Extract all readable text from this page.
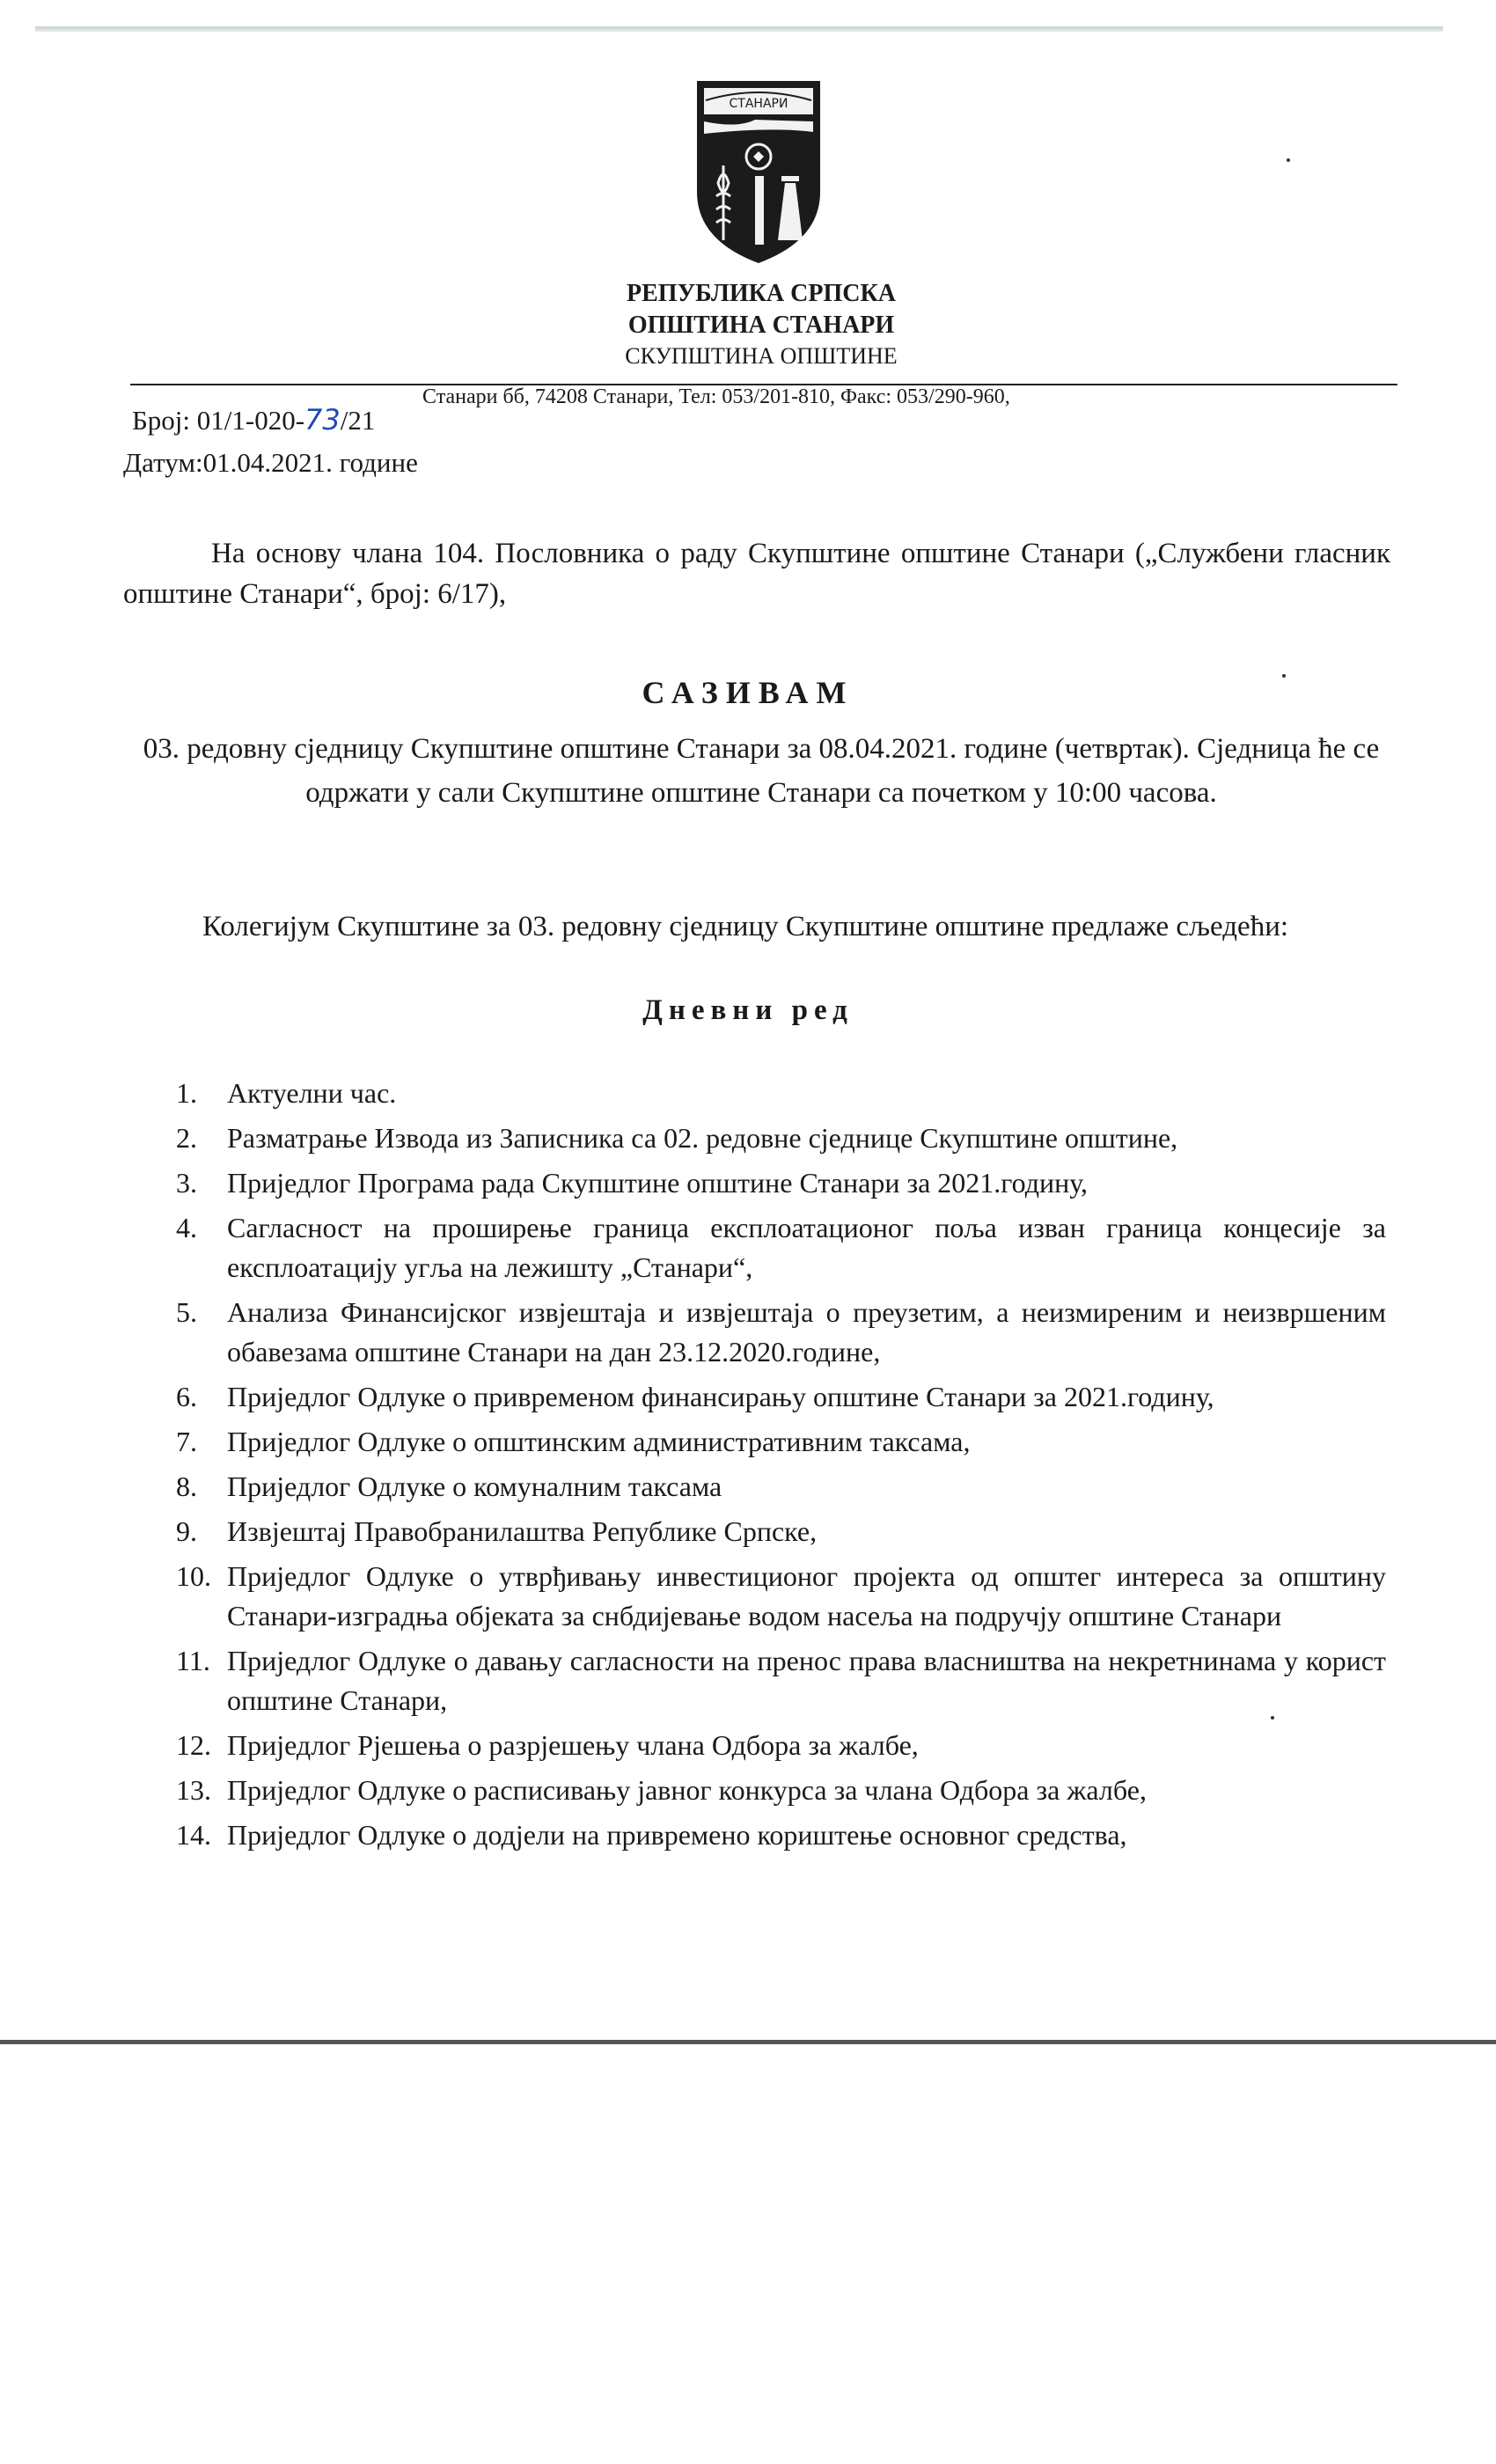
СТАНАРИ
РЕПУБЛИКА СРПСКА
ОПШТИНА СТАНАРИ
СКУПШТИНА ОПШТИНЕ
Станари бб, 74208 Станари, Тел: 053/201-810, Факс: 053/290-960,
Број: 01/1-020-73/21
Датум:01.04.2021. године
На основу члана 104. Пословника о раду Скупштине општине Станари („Службени гласник општине Станари“, број: 6/17),
САЗИВАМ
03. редовну сједницу Скупштине општине Станари за 08.04.2021. године (четвртак). Сједница ће се одржати у сали Скупштине општине Станари са почетком у 10:00 часова.
Колегијум Скупштине за 03. редовну сједницу Скупштине општине предлаже сљедећи:
Дневни ред
1.	Актуелни час.
2.	Разматрање Извода из Записника са 02. редовне сједнице Скупштине општине,
3.	Приједлог Програма рада Скупштине општине Станари за 2021.годину,
4.	Сагласност на проширење граница експлоатационог поља изван граница концесије за експлоатацију угља на лежишту „Станари“,
5.	Анализа Финансијског извјештаја и извјештаја о преузетим, а неизмиреним и неизвршеним обавезама општине Станари на дан 23.12.2020.године,
6.	Приједлог Одлуке о привременом финансирању општине Станари за 2021.годину,
7.	Приједлог Одлуке о општинским административним таксама,
8.	Приједлог Одлуке о комуналним таксама
9.	Извјештај Правобранилаштва Републике Српске,
10. Приједлог Одлуке о утврђивању инвестиционог пројекта од општег интереса за општину Станари-изградња објеката за снбдијевање водом насеља на подручју општине Станари
11. Приједлог Одлуке о давању сагласности на пренос права власништва на некретнинама у корист општине Станари,
12. Приједлог Рјешења о разрјешењу члана Одбора за жалбе,
13. Приједлог Одлуке о расписивању јавног конкурса за члана Одбора за жалбе,
14. Приједлог Одлуке о додјели на привремено кориштење основног средства,
